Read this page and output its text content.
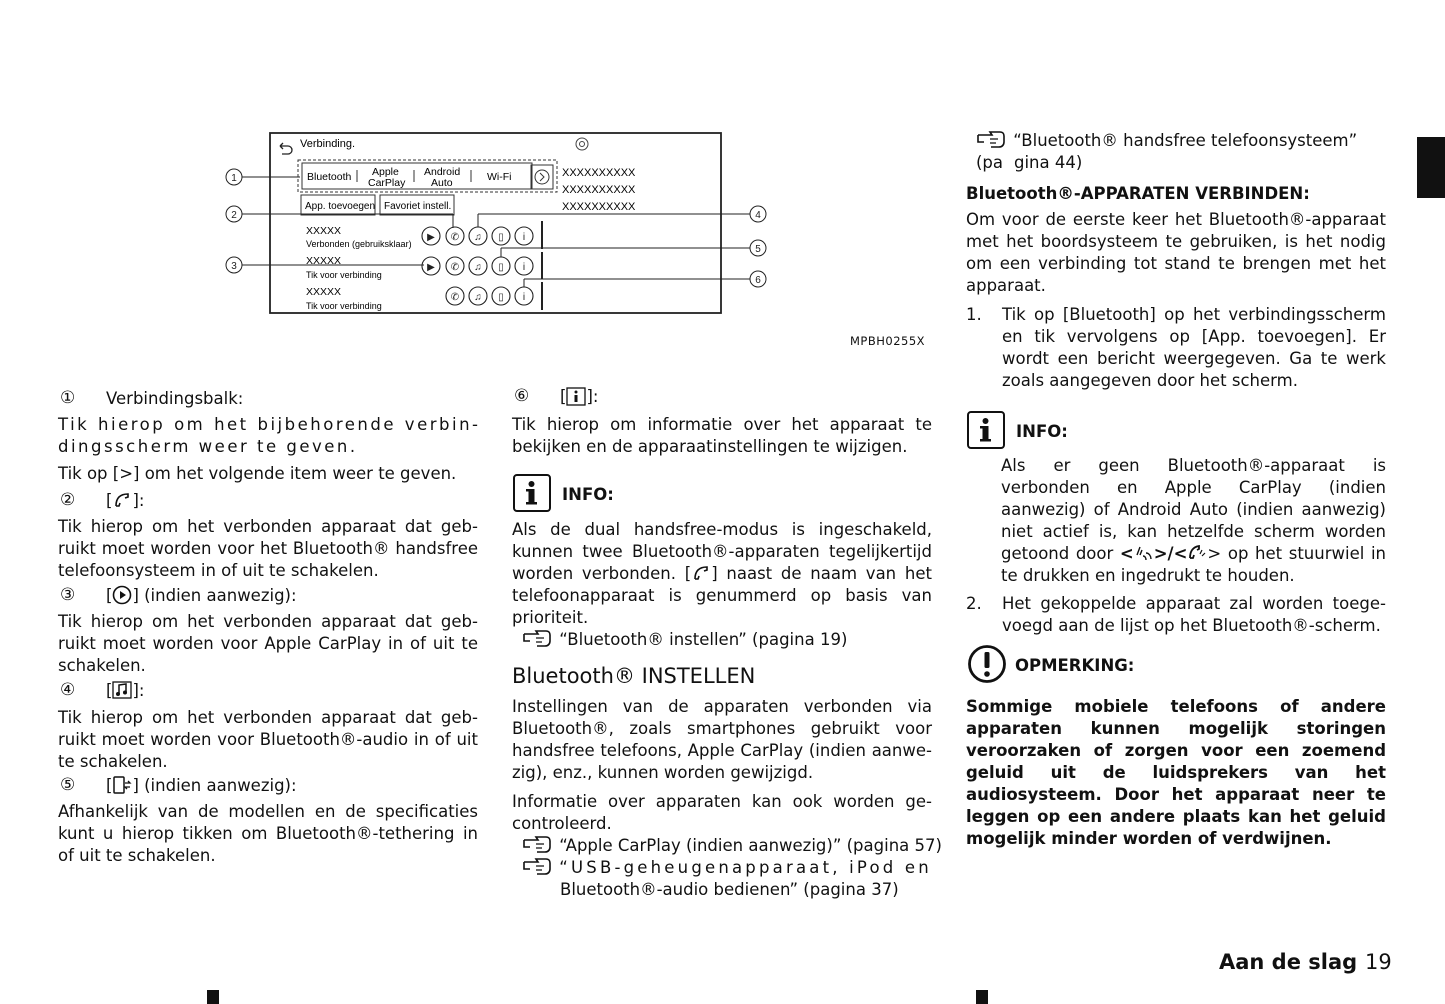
Verbinding.
Bluetooth Apple
CarPlay
Android
Auto	Wi-Fi	XXXXXXXXXX
XXXXXXXXXX
XXXXXXXXXX
App. toevoegen Favoriet instell.
XXXXX
Verbonden (gebruiksklaar)
XXXXX
Tik voor verbinding
XXXXX
Tik voor verbinding
▶ ✆ ♫ ▯ i
▶ ✆ ♫ ▯ i
✆ ♫ ▯ i
1
2
3
4
5
6
MPBH0255X
① Verbindingsbalk:

Tik hierop om het bijbehorende verbindingsscherm weer te geven.

Tik op [>] om het volgende item weer te geven.

② [ ]:

Tik hierop om het verbonden apparaat dat gebruikt moet worden voor het Bluetooth® handsfree telefoonsysteem in of uit te schakelen.

③ [ ] (indien aanwezig):

Tik hierop om het verbonden apparaat dat gebruikt moet worden voor Apple CarPlay in of uit te schakelen.

④ [ ]:

Tik hierop om het verbonden apparaat dat gebruikt moet worden voor Bluetooth®-audio in of uit te schakelen.

⑤ [ ] (indien aanwezig):

Afhankelijk van de modellen en de specificaties kunt u hierop tikken om Bluetooth®-tethering in of uit te schakelen.

⑥ [ ]:

Tik hierop om informatie over het apparaat te bekijken en de apparaatinstellingen te wijzigen.

INFO:

Als de dual handsfree-modus is ingeschakeld, kunnen twee Bluetooth®-apparaten tegelijkertijd worden verbonden. [ ] naast de naam van het telefoonapparaat is genummerd op basis van prioriteit.

“Bluetooth® instellen” (pagina 19)
Bluetooth® INSTELLEN

Instellingen van de apparaten verbonden via Bluetooth®, zoals smartphones gebruikt voor handsfree telefoons, Apple CarPlay (indien aanwezig), enz., kunnen worden gewijzigd.

Informatie over apparaten kan ook worden gecontroleerd.

“Apple CarPlay (indien aanwezig)” (pagina 57)
“USB-geheugenapparaat, iPod en
Bluetooth®-audio bedienen” (pagina 37)
“Bluetooth® handsfree telefoonsysteem” (pa gina 44)
Bluetooth®-APPARATEN VERBINDEN:

Om voor de eerste keer het Bluetooth®-apparaat met het boordsysteem te gebruiken, is het nodig om een verbinding tot stand te brengen met het apparaat.

1. Tik op [Bluetooth] op het verbindingsscherm en tik vervolgens op [App. toevoegen]. Er wordt een bericht weergegeven. Ga te werk zoals aangegeven door het scherm.
INFO:

Als er geen Bluetooth®-apparaat is verbonden en Apple CarPlay (indien aanwezig) of Android Auto (indien aanwezig) niet actief is, kan hetzelfde scherm worden getoond door < >/< > op het stuurwiel in te drukken en ingedrukt te houden.

2. Het gekoppelde apparaat zal worden toegevoegd aan de lijst op het Bluetooth®-scherm.
OPMERKING:

Sommige mobiele telefoons of andere apparaten kunnen mogelijk storingen veroorzaken of zorgen voor een zoemend geluid uit de luidsprekers van het audiosysteem. Door het apparaat neer te leggen op een andere plaats kan het geluid mogelijk minder worden of verdwijnen.

Aan de slag 19
